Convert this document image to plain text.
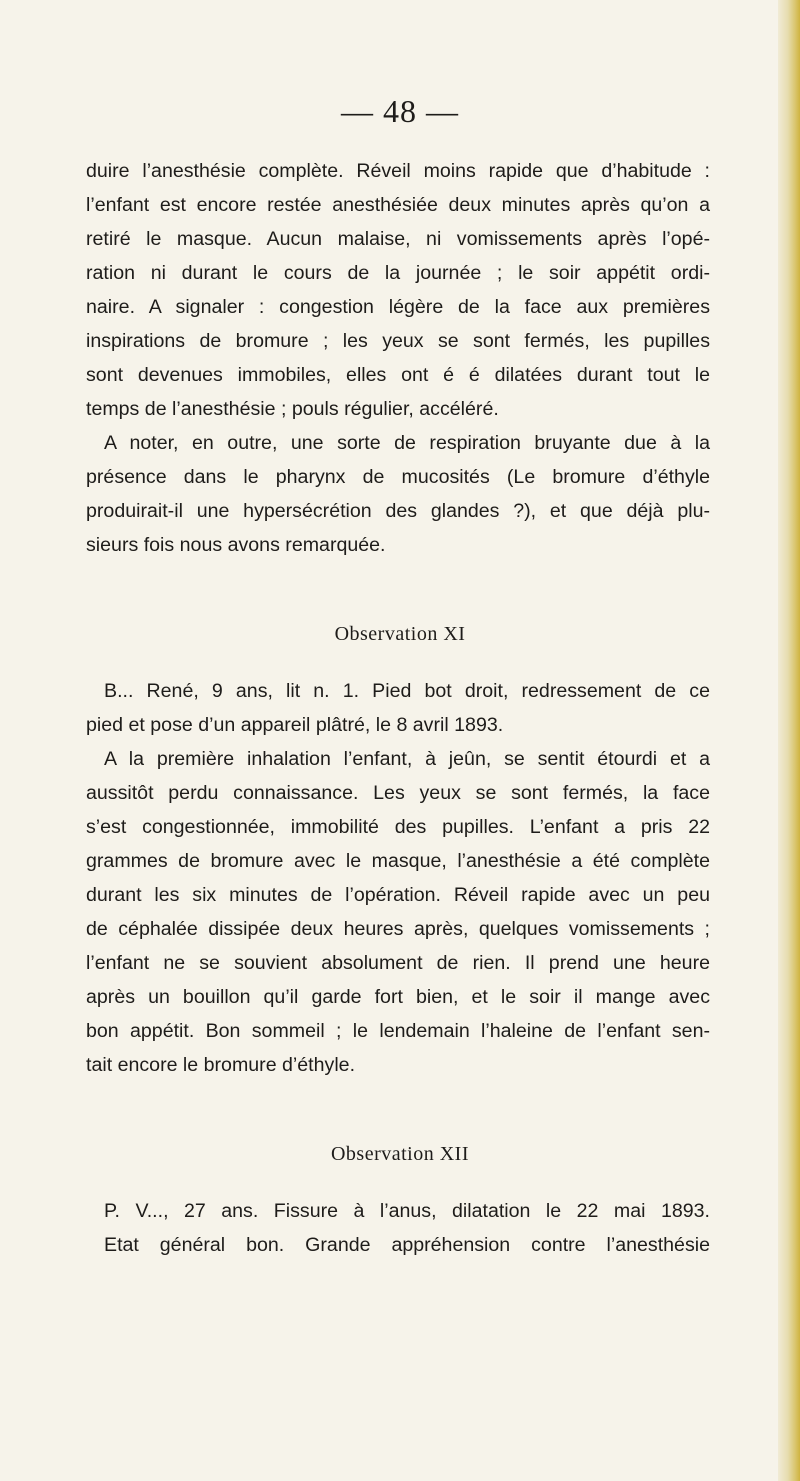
— 48 —
duire l’anesthésie complète. Réveil moins rapide que d’habitude :
l’enfant est encore restée anesthésiée deux minutes après qu’on a
retiré le masque. Aucun malaise, ni vomissements après l’opé-
ration ni durant le cours de la journée ; le soir appétit ordi-
naire. A signaler : congestion légère de la face aux premières
inspirations de bromure ; les yeux se sont fermés, les pupilles
sont devenues immobiles, elles ont é é dilatées durant tout le
temps de l’anesthésie ; pouls régulier, accéléré.
A noter, en outre, une sorte de respiration bruyante due à la
présence dans le pharynx de mucosités (Le bromure d’éthyle
produirait-il une hypersécrétion des glandes ?), et que déjà plu-
sieurs fois nous avons remarquée.
Observation XI
B... René, 9 ans, lit n. 1. Pied bot droit, redressement de ce
pied et pose d’un appareil plâtré, le 8 avril 1893.
A la première inhalation l’enfant, à jeûn, se sentit étourdi et a
aussitôt perdu connaissance. Les yeux se sont fermés, la face
s’est congestionnée, immobilité des pupilles. L’enfant a pris 22
grammes de bromure avec le masque, l’anesthésie a été complète
durant les six minutes de l’opération. Réveil rapide avec un peu
de céphalée dissipée deux heures après, quelques vomissements ;
l’enfant ne se souvient absolument de rien. Il prend une heure
après un bouillon qu’il garde fort bien, et le soir il mange avec
bon appétit. Bon sommeil ; le lendemain l’haleine de l’enfant sen-
tait encore le bromure d’éthyle.
Observation XII
P. V..., 27 ans. Fissure à l’anus, dilatation le 22 mai 1893.
Etat général bon. Grande appréhension contre l’anesthésie
